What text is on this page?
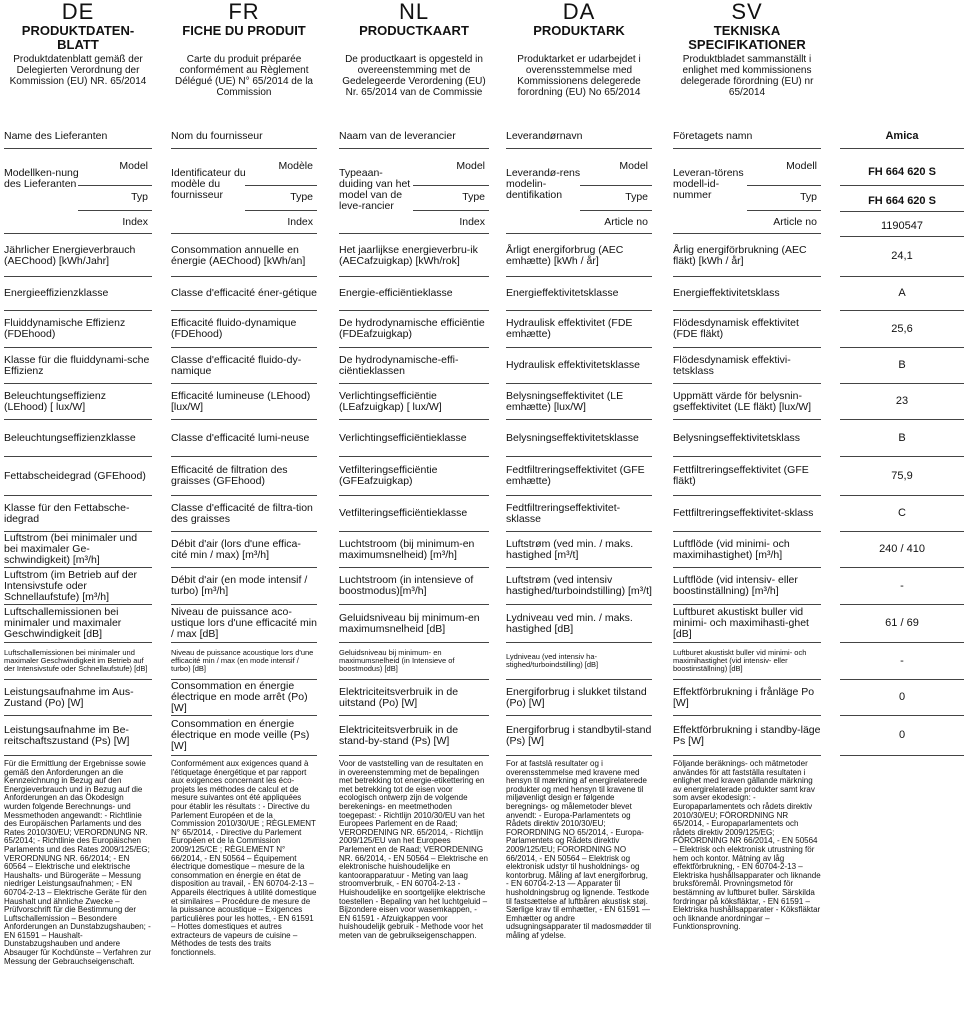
DE
PRODUKTDATEN-BLATT
Produktdatenblatt gemäß der Delegierten Verordnung der Kommission (EU) NR. 65/2014
Name des Lieferanten
Modellken-nung des Lieferanten
Model
Typ
Index
Jährlicher Energieverbrauch (AEChood) [kWh/Jahr]
Energieeffizienzklasse
Fluiddynamische Effizienz (FDEhood)
Klasse für die fluiddynami-sche Effizienz
Beleuchtungseffizienz (LEhood) [ lux/W]
Beleuchtungseffizienzklasse
Fettabscheidegrad (GFEhood)
Klasse für den Fettabsche-idegrad
Luftstrom (bei minimaler und bei maximaler Ge-schwindigkeit) [m³/h]
Luftstrom (im Betrieb auf der Intensivstufe oder Schnellaufstufe) [m³/h]
Luftschallemissionen bei minimaler und maximaler Geschwindigkeit [dB]
Luftschallemissionen bei minimaler und maximaler Geschwindigkeit im Betrieb auf der Intensivstufe oder Schnellaufstufe) [dB]
Leistungsaufnahme im Aus-Zustand (Po) [W]
Leistungsaufnahme im Be-reitschaftszustand (Ps) [W]
Für die Ermittlung der Ergebnisse sowie gemäß den Anforderungen an die Kennzeichnung in Bezug auf den Energieverbrauch und in Bezug auf die Anforderungen an das Ökodesign wurden folgende Berechnungs- und Messmethoden angewandt: - Richtlinie des Europäischen Parlaments und des Rates 2010/30/EU; VERORDNUNG NR. 65/2014; - Richtlinie des Europäischen Parlaments und des Rates 2009/125/EG; VERORDNUNG NR. 66/2014; - EN 60564 – Elektrische und elektrische Haushalts- und Bürogeräte – Messung niedriger Leistungsaufnahmen; - EN 60704-2-13 – Elektrische Geräte für den Haushalt und ähnliche Zwecke – Prüfvorschrift für die Bestimmung der Luftschallemission – Besondere Anforderungen an Dunstabzugshauben; - EN 61591 – Haushalt-Dunstabzugshauben und andere Absauger für Kochdünste – Verfahren zur Messung der Gebrauchseigenschaft.
FR
FICHE DU PRODUIT
Carte du produit préparée conformément au Règlement Délégué (UE) N° 65/2014 de la Commission
Nom du fournisseur
Identificateur du modèle du fournisseur
Modèle
Type
Index
Consommation annuelle en énergie (AEChood) [kWh/an]
Classe d'efficacité éner-gétique
Efficacité fluido-dynamique (FDEhood)
Classe d'efficacité fluido-dy-namique
Efficacité lumineuse (LEhood) [lux/W]
Classe d'efficacité lumi-neuse
Efficacité de filtration des graisses (GFEhood)
Classe d'efficacité de filtra-tion des graisses
Débit d'air (lors d'une effica-cité min / max) [m³/h]
Débit d'air (en mode intensif / turbo) [m³/h]
Niveau de puissance aco-ustique lors d'une efficacité min / max [dB]
Niveau de puissance acoustique lors d'une efficacité min / max (en mode intensif / turbo) [dB]
Consommation en énergie électrique en mode arrêt (Po) [W]
Consommation en énergie électrique en mode veille (Ps) [W]
Conformément aux exigences quand à l'étiquetage énergétique et par rapport aux exigences concernant les éco-projets les méthodes de calcul et de mesure suivantes ont été appliquées pour établir les résultats : - Directive du Parlement Européen et de la Commission 2010/30/UE ; RÈGLEMENT N° 65/2014, - Directive du Parlement Européen et de la Commission 2009/125/CE ; RÈGLEMENT N° 66/2014, - EN 50564 – Équipement électrique domestique – mesure de la consommation en énergie en état de disposition au travail, - EN 60704-2-13 – Appareils électriques à utilité domestique et similaires – Procédure de mesure de la puissance acoustique – Exigences particulières pour les hottes, - EN 61591 – Hottes domestiques et autres extracteurs de vapeurs de cuisine – Méthodes de tests des traits fonctionnels.
NL
PRODUCTKAART
De productkaart is opgesteld in overeenstemming met de Gedelegeerde Verordening (EU) Nr. 65/2014 van de Commissie
Naam van de leverancier
Typeaan-duiding van het model van de leve-rancier
Model
Type
Index
Het jaarlijkse energieverbru-ik (AECafzuigkap) [kWh/rok]
Energie-efficiëntieklasse
De hydrodynamische efficiëntie (FDEafzuigkap)
De hydrodynamische-effi-ciëntieklassen
Verlichtingsefficiëntie (LEafzuigkap) [ lux/W]
Verlichtingsefficiëntieklasse
Vetfilteringsefficiëntie (GFEafzuigkap)
Vetfilteringsefficiëntieklasse
Luchtstroom (bij minimum-en maximumsnelheid) [m³/h]
Luchtstroom (in intensieve of boostmodus)[m³/h]
Geluidsniveau bij minimum-en maximumsnelheid [dB]
Geluidsniveau bij minimum- en maximumsnelheid (in Intensieve of boostmodus) [dB]
Elektriciteitsverbruik in de uitstand (Po) [W]
Elektriciteitsverbruik in de stand-by-stand (Ps) [W]
Voor de vaststelling van de resultaten en in overeenstemming met de bepalingen met betrekking tot energie-etikettering en met betrekking tot de eisen voor ecologisch ontwerp zijn de volgende berekenings- en meetmethoden toegepast: - Richtlijn 2010/30/EU van het Europees Parlement en de Raad; VERORDENING NR. 65/2014, - Richtlijn 2009/125/EU van het Europees Parlement en de Raad; VERORDENING NR. 66/2014, - EN 50564 – Elektrische en elektronische huishoudelijke en kantoorapparatuur - Meting van laag stroomverbruik, - EN 60704-2-13 - Huishoudelijke en soortgelijke elektrische toestellen - Bepaling van het luchtgeluid – Bijzondere eisen voor wasemkappen, - EN 61591 - Afzuigkappen voor huishoudelijk gebruik - Methode voor het meten van de gebruikseigenschappen.
DA
PRODUKTARK
Produktarket er udarbejdet i overensstemmelse med Kommissionens delegerede forordning (EU) No 65/2014
Leverandørnavn
Leverandø-rens modelin-dentifikation
Model
Type
Article no
Årligt energiforbrug (AEC emhætte) [kWh / år]
Energieffektivitetsklasse
Hydraulisk effektivitet (FDE emhætte)
Hydraulisk effektivitetsklasse
Belysningseffektivitet (LE emhætte) [lux/W]
Belysningseffektivitetsklasse
Fedtfiltreringseffektivitet (GFE emhætte)
Fedtfiltreringseffektivitet-sklasse
Luftstrøm (ved min. / maks. hastighed [m³/t]
Luftstrøm (ved intensiv hastighed/turboindstilling) [m³/t]
Lydniveau ved min. / maks. hastighed [dB]
Lydniveau (ved intensiv ha-stighed/turboindstilling) [dB]
Energiforbrug i slukket tilstand (Po) [W]
Energiforbrug i standbytil-stand (Ps) [W]
For at fastslå resultater og i overensstemmelse med kravene med hensyn til mærkning af energirelaterede produkter og med hensyn til kravene til miljøvenligt design er følgende beregnings- og målemetoder blevet anvendt: - Europa-Parlamentets og Rådets direktiv 2010/30/EU; FORORDNING NO 65/2014, - Europa-Parlamentets og Rådets direktiv 2009/125/EU; FORORDNING NO 66/2014, - EN 50564 – Elektrisk og elektronisk udstyr til husholdnings- og kontorbrug. Måling af lavt energiforbrug, - EN 60704-2-13 — Apparater til husholdningsbrug og lignende. Testkode til fastsættelse af luftbåren akustisk støj. Særlige krav til emhætter, - EN 61591 — Emhætter og andre udsugningsapparater til madosmødder til måling af ydelse.
SV
TEKNISKA SPECIFIKATIONER
Produktbladet sammanställt i enlighet med kommissionens delegerade förordning (EU) nr 65/2014
Företagets namn
Leveran-törens modell-id-nummer
Modell
Typ
Article no
Årlig energiförbrukning (AEC fläkt) [kWh / år]
Energieffektivitetsklass
Flödesdynamisk effektivitet (FDE fläkt)
Flödesdynamisk effektivi-tetsklass
Uppmätt värde för belysnin-gseffektivitet (LE fläkt) [lux/W]
Belysningseffektivitetsklass
Fettfiltreringseffektivitet (GFE fläkt)
Fettfiltreringseffektivitet-sklass
Luftflöde (vid minimi- och maximihastighet) [m³/h]
Luftflöde (vid intensiv- eller boostinställning) [m³/h]
Luftburet akustiskt buller vid minimi- och maximihasti-ghet [dB]
Luftburet akustiskt buller vid minimi- och maximihastighet (vid intensiv- eller boostinställning) [dB]
Effektförbrukning i frånläge Po [W]
Effektförbrukning i standby-läge Ps [W]
Följande beräknings- och mätmetoder användes för att fastställa resultaten i enlighet med kraven gällande märkning av energirelaterade produkter samt krav som avser ekodesign: - Europaparlamentets och rådets direktiv 2010/30/EU; FÖRORDNING NR 65/2014, - Europaparlamentets och rådets direktiv 2009/125/EG; FÖRORDNING NR 66/2014, - EN 50564 – Elektrisk och elektronisk utrustning för hem och kontor. Mätning av låg effektförbrukning, - EN 60704-2-13 – Elektriska hushållsapparater och liknande bruksföremål. Provningsmetod för bestämning av luftburet buller. Särskilda fordringar på köksfläktar, - EN 61591 – Elektriska hushållsapparater - Köksfläktar och liknande anordningar – Funktionsprovning.
Amica
FH 664 620 S
FH 664 620 S
1190547
24,1
A
25,6
B
23
B
75,9
C
240 / 410
-
61 / 69
-
0
0
